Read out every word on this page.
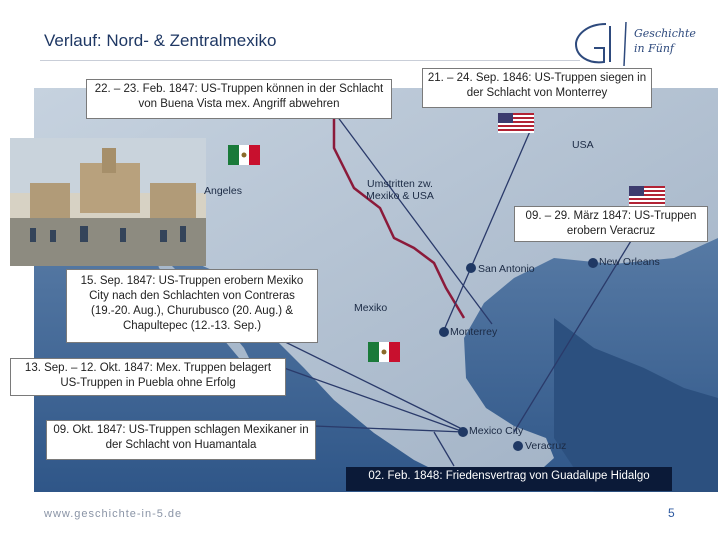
Verlauf: Nord- & Zentralmexiko	Geschichte
in Fünf
USA
Umstritten zw. Mexiko & USA
Angeles
San Antonio
New Orleans
Mexiko
Monterrey
Mexico City
Veracruz
22. – 23. Feb. 1847: US-Truppen können in der Schlacht von Buena Vista mex. Angriff abwehren
21. – 24. Sep. 1846: US-Truppen siegen in der Schlacht von Monterrey
09. – 29. März 1847: US-Truppen erobern Veracruz
15. Sep. 1847: US-Truppen erobern Mexiko City nach den Schlachten von Contreras (19.-20. Aug.), Churubusco (20. Aug.) & Chapultepec (12.-13. Sep.)
13. Sep. – 12. Okt. 1847: Mex. Truppen belagert US-Truppen in Puebla ohne Erfolg
09. Okt. 1847: US-Truppen schlagen Mexikaner in der Schlacht von Huamantala
02. Feb. 1848: Friedensvertrag von Guadalupe Hidalgo
www.geschichte-in-5.de	5
